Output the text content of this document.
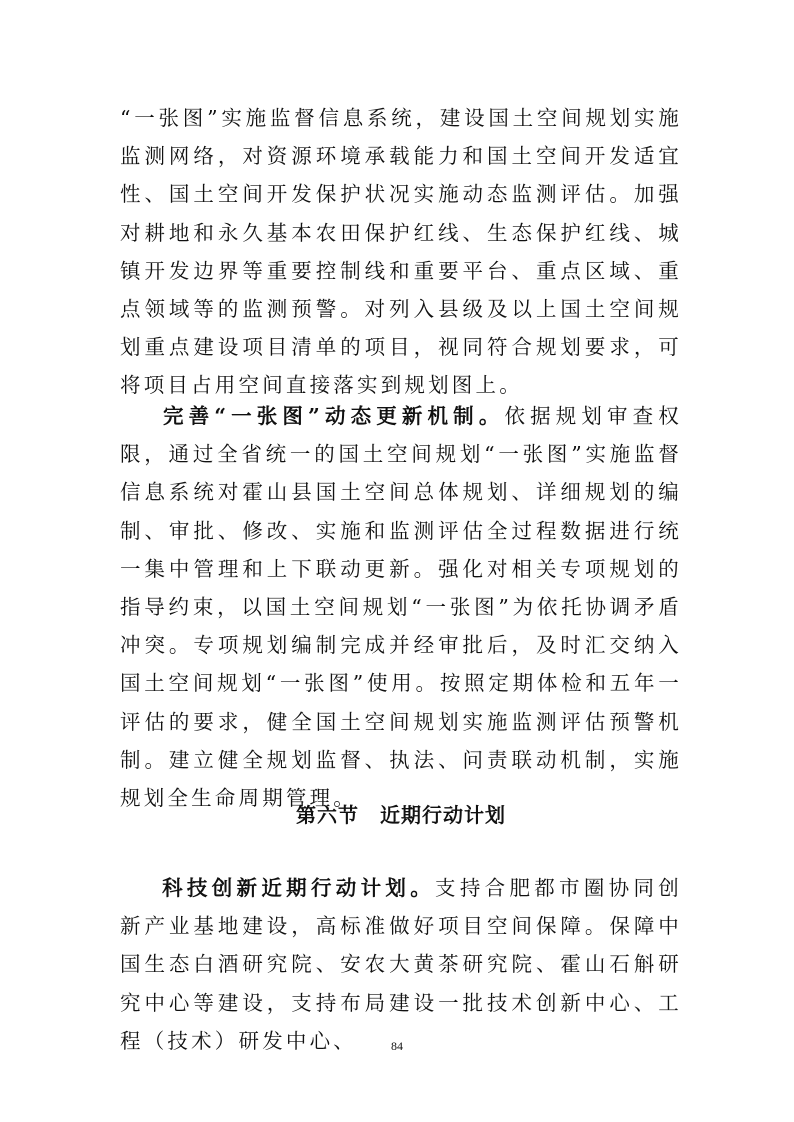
“一张图”实施监督信息系统，建设国土空间规划实施监测网络，对资源环境承载能力和国土空间开发适宜性、国土空间开发保护状况实施动态监测评估。加强对耕地和永久基本农田保护红线、生态保护红线、城镇开发边界等重要控制线和重要平台、重点区域、重点领域等的监测预警。对列入县级及以上国土空间规划重点建设项目清单的项目，视同符合规划要求，可将项目占用空间直接落实到规划图上。

完善“一张图”动态更新机制。依据规划审查权限，通过全省统一的国土空间规划“一张图”实施监督信息系统对霍山县国土空间总体规划、详细规划的编制、审批、修改、实施和监测评估全过程数据进行统一集中管理和上下联动更新。强化对相关专项规划的指导约束，以国土空间规划“一张图”为依托协调矛盾冲突。专项规划编制完成并经审批后，及时汇交纳入国土空间规划“一张图”使用。按照定期体检和五年一评估的要求，健全国土空间规划实施监测评估预警机制。建立健全规划监督、执法、问责联动机制，实施规划全生命周期管理。

第六节　近期行动计划

科技创新近期行动计划。支持合肥都市圈协同创新产业基地建设，高标准做好项目空间保障。保障中国生态白酒研究院、安农大黄茶研究院、霍山石斛研究中心等建设，支持布局建设一批技术创新中心、工程（技术）研发中心、	84
